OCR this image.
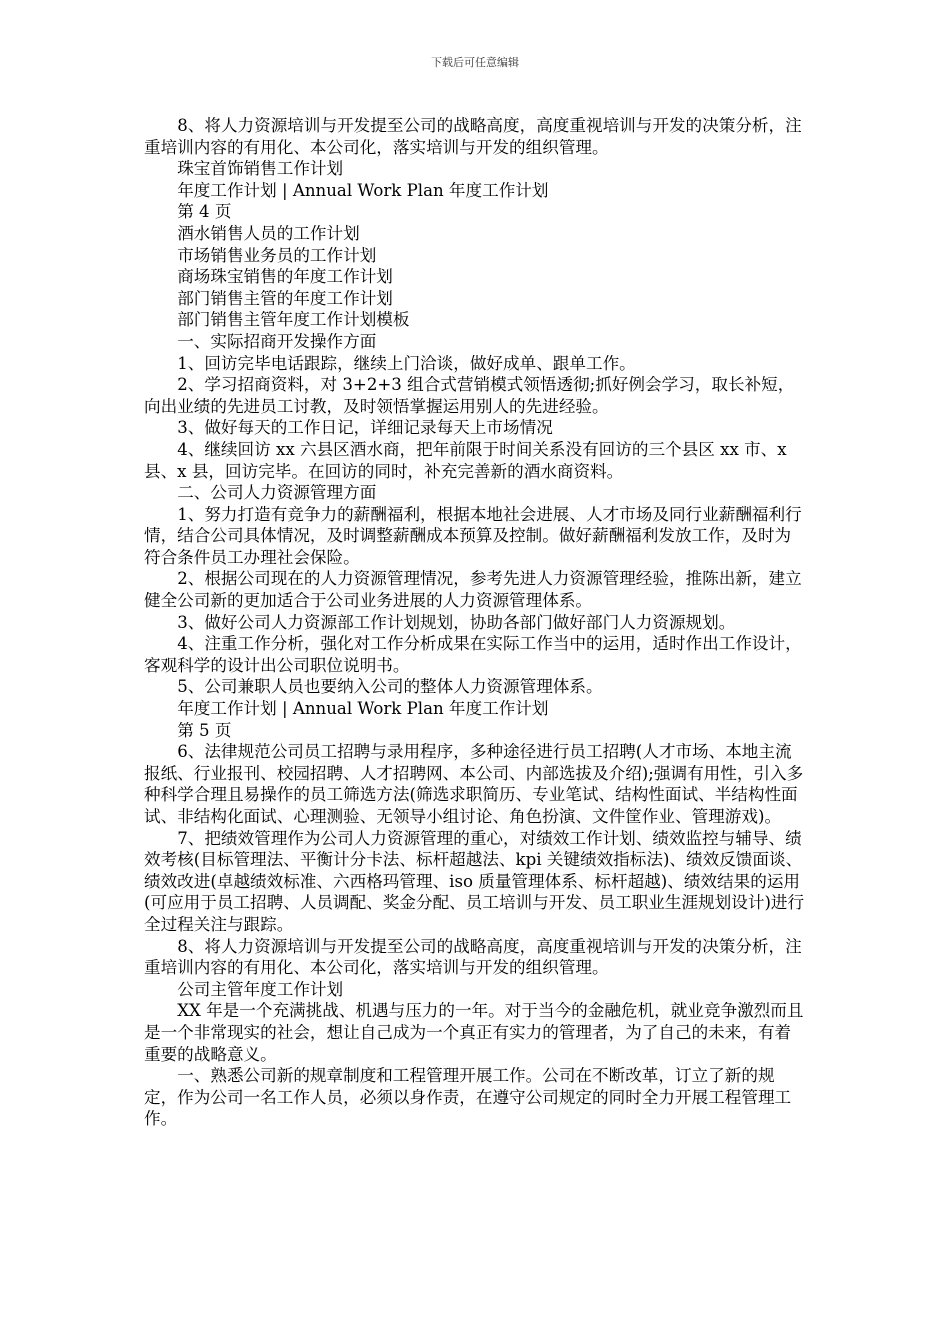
下载后可任意编辑

8、将人力资源培训与开发提至公司的战略高度，高度重视培训与开发的决策分析，注重培训内容的有用化、本公司化，落实培训与开发的组织管理。

珠宝首饰销售工作计划

年度工作计划 | Annual Work Plan 年度工作计划

第 4 页

酒水销售人员的工作计划

市场销售业务员的工作计划

商场珠宝销售的年度工作计划

部门销售主管的年度工作计划

部门销售主管年度工作计划模板

一、实际招商开发操作方面

1、回访完毕电话跟踪，继续上门洽谈，做好成单、跟单工作。

2、学习招商资料，对 3+2+3 组合式营销模式领悟透彻;抓好例会学习，取长补短，向出业绩的先进员工讨教，及时领悟掌握运用别人的先进经验。

3、做好每天的工作日记，详细记录每天上市场情况

4、继续回访 xx 六县区酒水商，把年前限于时间关系没有回访的三个县区 xx 市、x 县、x 县，回访完毕。在回访的同时，补充完善新的酒水商资料。

二、公司人力资源管理方面

1、努力打造有竞争力的薪酬福利，根据本地社会进展、人才市场及同行业薪酬福利行情，结合公司具体情况，及时调整薪酬成本预算及控制。做好薪酬福利发放工作，及时为符合条件员工办理社会保险。

2、根据公司现在的人力资源管理情况，参考先进人力资源管理经验，推陈出新，建立健全公司新的更加适合于公司业务进展的人力资源管理体系。

3、做好公司人力资源部工作计划规划，协助各部门做好部门人力资源规划。

4、注重工作分析，强化对工作分析成果在实际工作当中的运用，适时作出工作设计，客观科学的设计出公司职位说明书。

5、公司兼职人员也要纳入公司的整体人力资源管理体系。

年度工作计划 | Annual Work Plan 年度工作计划

第 5 页

6、法律规范公司员工招聘与录用程序，多种途径进行员工招聘(人才市场、本地主流报纸、行业报刊、校园招聘、人才招聘网、本公司、内部选拔及介绍);强调有用性，引入多种科学合理且易操作的员工筛选方法(筛选求职简历、专业笔试、结构性面试、半结构性面试、非结构化面试、心理测验、无领导小组讨论、角色扮演、文件筐作业、管理游戏)。

7、把绩效管理作为公司人力资源管理的重心，对绩效工作计划、绩效监控与辅导、绩效考核(目标管理法、平衡计分卡法、标杆超越法、kpi 关键绩效指标法)、绩效反馈面谈、绩效改进(卓越绩效标准、六西格玛管理、iso 质量管理体系、标杆超越)、绩效结果的运用(可应用于员工招聘、人员调配、奖金分配、员工培训与开发、员工职业生涯规划设计)进行全过程关注与跟踪。

8、将人力资源培训与开发提至公司的战略高度，高度重视培训与开发的决策分析，注重培训内容的有用化、本公司化，落实培训与开发的组织管理。

公司主管年度工作计划

XX 年是一个充满挑战、机遇与压力的一年。对于当今的金融危机，就业竞争激烈而且是一个非常现实的社会，想让自己成为一个真正有实力的管理者，为了自己的未来，有着重要的战略意义。

一、熟悉公司新的规章制度和工程管理开展工作。公司在不断改革，订立了新的规定，作为公司一名工作人员，必须以身作责，在遵守公司规定的同时全力开展工程管理工作。
